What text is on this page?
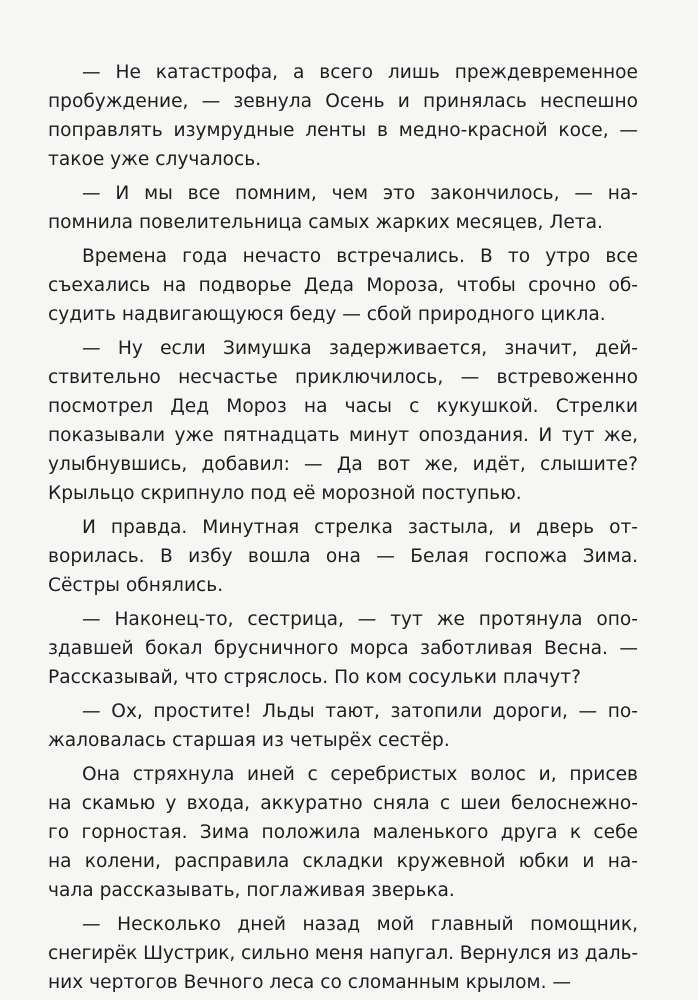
— Не катастрофа, а всего лишь преждевременное
пробуждение, — зевнула Осень и принялась неспешно
поправлять изумрудные ленты в медно-красной косе, —
такое уже случалось.
— И мы все помним, чем это закончилось, — на-
помнила повелительница самых жарких месяцев, Лета.
Времена года нечасто встречались. В то утро все
съехались на подворье Деда Мороза, чтобы срочно об-
судить надвигающуюся беду — сбой природного цикла.
— Ну если Зимушка задерживается, значит, дей-
ствительно несчастье приключилось, — встревоженно
посмотрел Дед Мороз на часы с кукушкой. Стрелки
показывали уже пятнадцать минут опоздания. И тут же,
улыбнувшись, добавил: — Да вот же, идёт, слышите?
Крыльцо скрипнуло под её морозной поступью.
И правда. Минутная стрелка застыла, и дверь от-
ворилась. В избу вошла она — Белая госпожа Зима.
Сёстры обнялись.
— Наконец-то, сестрица, — тут же протянула опо-
здавшей бокал брусничного морса заботливая Весна. —
Рассказывай, что стряслось. По ком сосульки плачут?
— Ох, простите! Льды тают, затопили дороги, — по-
жаловалась старшая из четырёх сестёр.
Она стряхнула иней с серебристых волос и, присев
на скамью у входа, аккуратно сняла с шеи белоснежно-
го горностая. Зима положила маленького друга к себе
на колени, расправила складки кружевной юбки и на-
чала рассказывать, поглаживая зверька.
— Несколько дней назад мой главный помощник,
снегирёк Шустрик, сильно меня напугал. Вернулся из даль-
них чертогов Вечного леса со сломанным крылом. —
